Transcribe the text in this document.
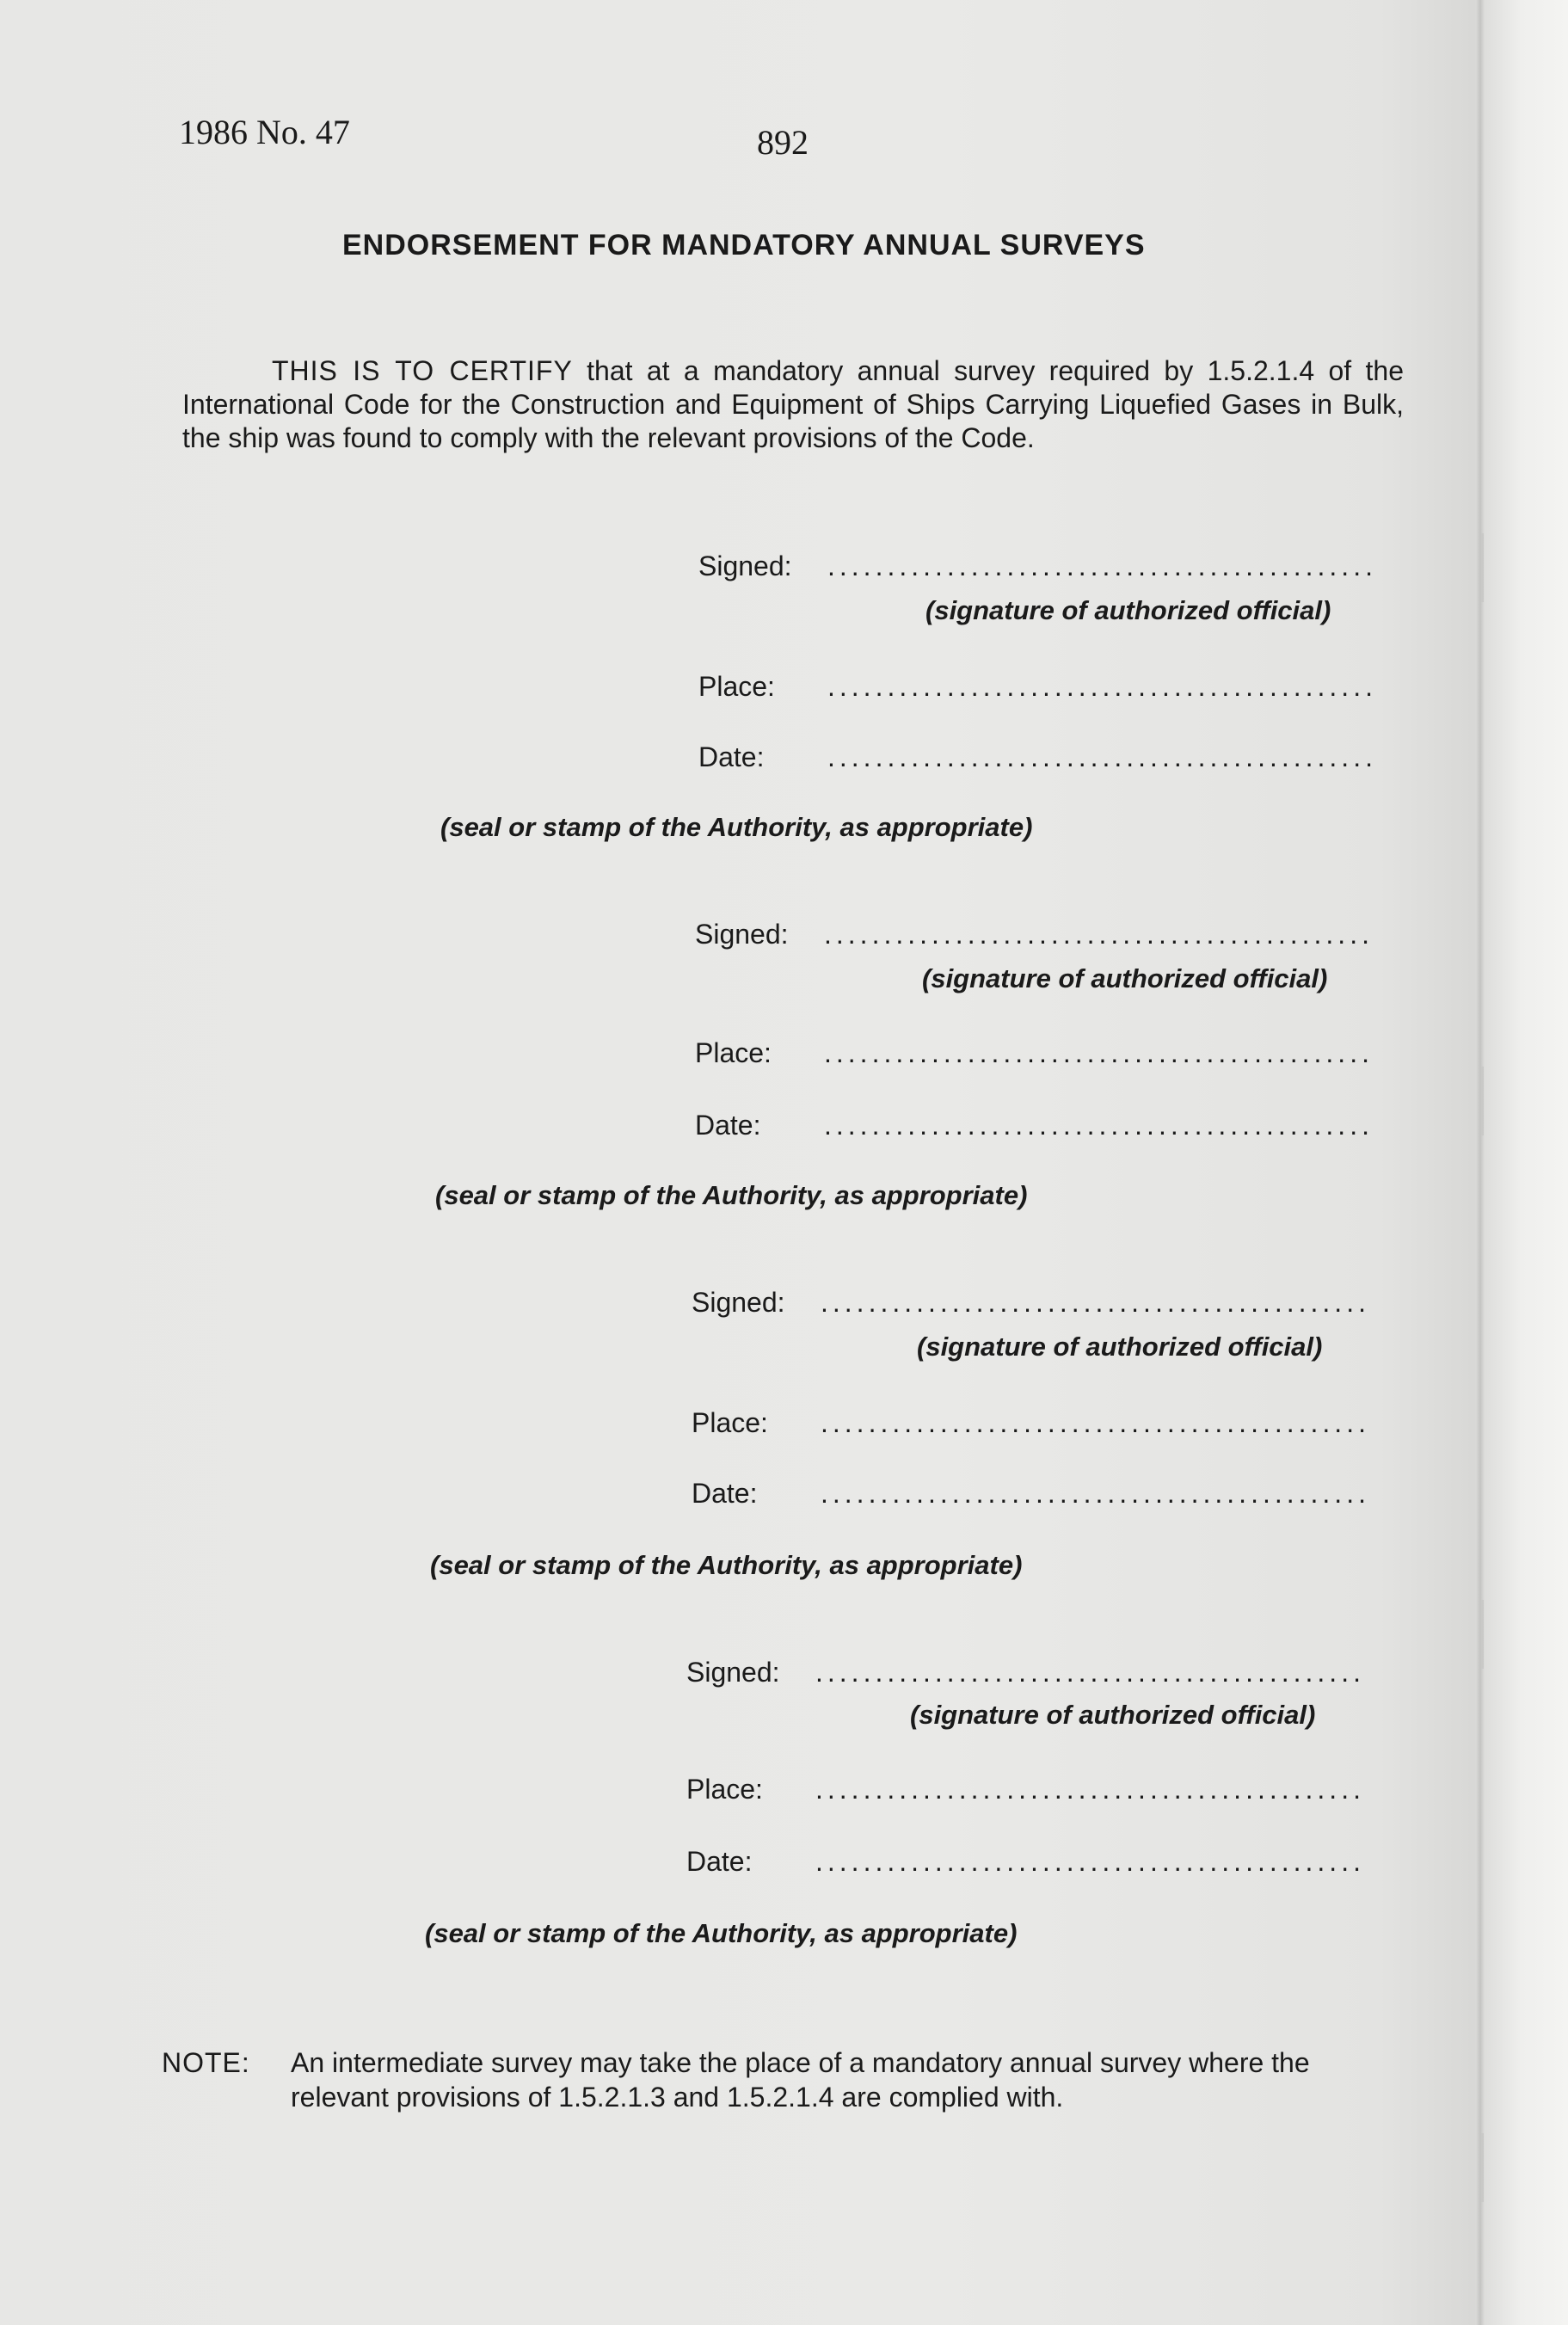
1986 No. 47	892
ENDORSEMENT FOR MANDATORY ANNUAL SURVEYS
THIS IS TO CERTIFY that at a mandatory annual survey required by 1.5.2.1.4 of the International Code for the Construction and Equipment of Ships Carrying Liquefied Gases in Bulk, the ship was found to comply with the relevant provisions of the Code.
Signed:
.....
(signature of authorized official)
Place:
.....
Date:
.....
(seal or stamp of the Authority, as appropriate)
Signed:
.....
(signature of authorized official)
Place:
.....
Date:
.....
(seal or stamp of the Authority, as appropriate)
Signed:
.....
(signature of authorized official)
Place:
.....
Date:
.....
(seal or stamp of the Authority, as appropriate)
Signed:
.....
(signature of authorized official)
Place:
.....
Date:
.....
(seal or stamp of the Authority, as appropriate)
NOTE:	An intermediate survey may take the place of a mandatory annual survey where the relevant provisions of 1.5.2.1.3 and 1.5.2.1.4 are complied with.
